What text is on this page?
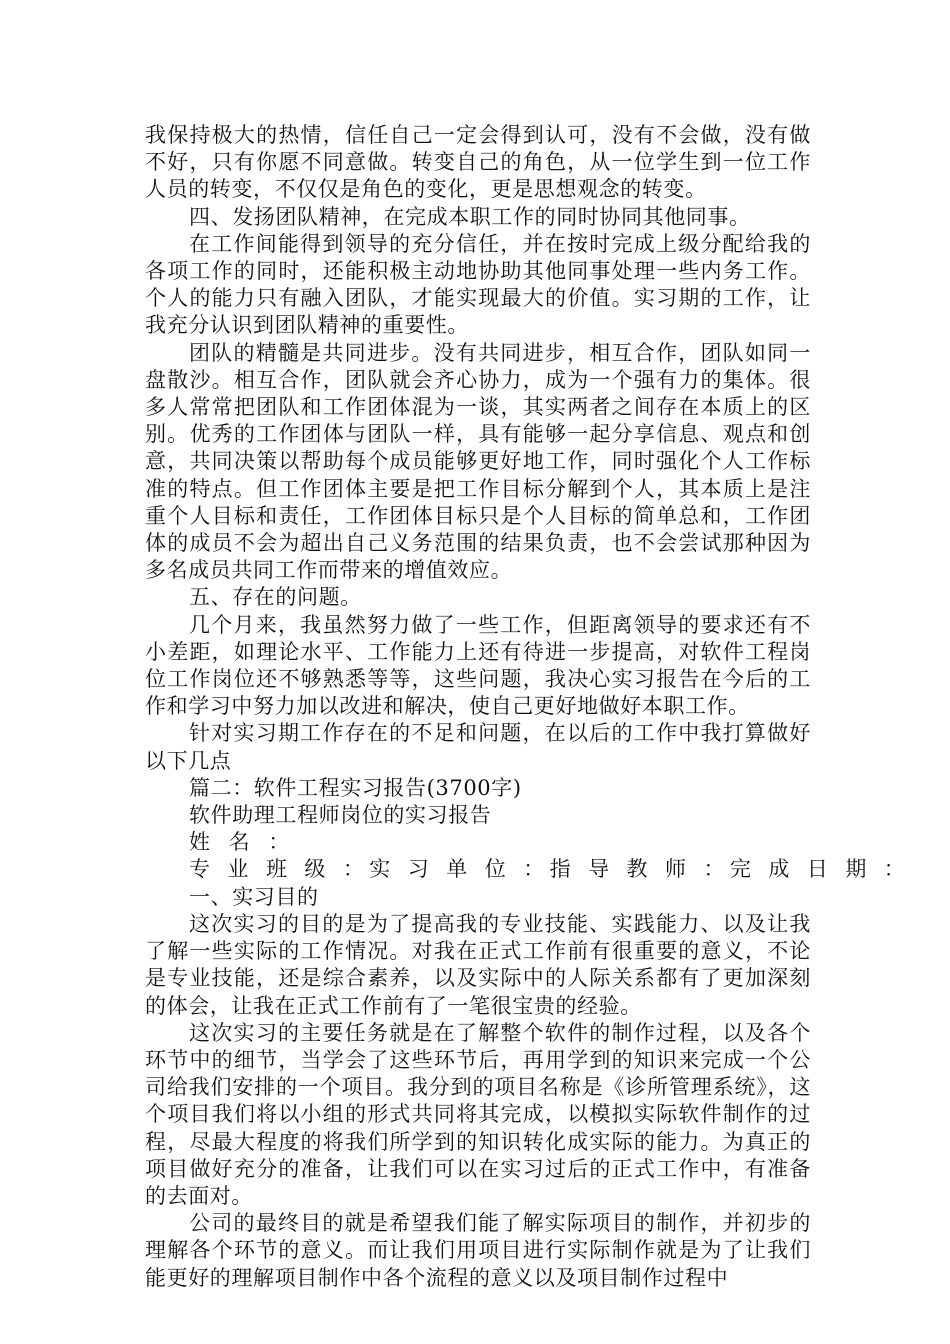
我保持极大的热情，信任自己一定会得到认可，没有不会做，没有做不好，只有你愿不同意做。转变自己的角色，从一位学生到一位工作人员的转变，不仅仅是角色的变化，更是思想观念的转变。

四、发扬团队精神，在完成本职工作的同时协同其他同事。

在工作间能得到领导的充分信任，并在按时完成上级分配给我的各项工作的同时，还能积极主动地协助其他同事处理一些内务工作。个人的能力只有融入团队，才能实现最大的价值。实习期的工作，让我充分认识到团队精神的重要性。

团队的精髓是共同进步。没有共同进步，相互合作，团队如同一盘散沙。相互合作，团队就会齐心协力，成为一个强有力的集体。很多人常常把团队和工作团体混为一谈，其实两者之间存在本质上的区别。优秀的工作团体与团队一样，具有能够一起分享信息、观点和创意，共同决策以帮助每个成员能够更好地工作，同时强化个人工作标准的特点。但工作团体主要是把工作目标分解到个人，其本质上是注重个人目标和责任，工作团体目标只是个人目标的简单总和，工作团体的成员不会为超出自己义务范围的结果负责，也不会尝试那种因为多名成员共同工作而带来的增值效应。

五、存在的问题。

几个月来，我虽然努力做了一些工作，但距离领导的要求还有不小差距，如理论水平、工作能力上还有待进一步提高，对软件工程岗位工作岗位还不够熟悉等等，这些问题，我决心实习报告在今后的工作和学习中努力加以改进和解决，使自己更好地做好本职工作。

针对实习期工作存在的不足和问题，在以后的工作中我打算做好以下几点

篇二：软件工程实习报告(3700字)

软件助理工程师岗位的实习报告

姓 名 ：

专 业 班 级 ：实 习 单 位 ：指 导 教 师 ：完 成 日 期 ：

一、实习目的

这次实习的目的是为了提高我的专业技能、实践能力、以及让我了解一些实际的工作情况。对我在正式工作前有很重要的意义，不论是专业技能，还是综合素养，以及实际中的人际关系都有了更加深刻的体会，让我在正式工作前有了一笔很宝贵的经验。

这次实习的主要任务就是在了解整个软件的制作过程，以及各个环节中的细节，当学会了这些环节后，再用学到的知识来完成一个公司给我们安排的一个项目。我分到的项目名称是《诊所管理系统》，这个项目我们将以小组的形式共同将其完成，以模拟实际软件制作的过程，尽最大程度的将我们所学到的知识转化成实际的能力。为真正的项目做好充分的准备，让我们可以在实习过后的正式工作中，有准备的去面对。

公司的最终目的就是希望我们能了解实际项目的制作，并初步的理解各个环节的意义。而让我们用项目进行实际制作就是为了让我们能更好的理解项目制作中各个流程的意义以及项目制作过程中
